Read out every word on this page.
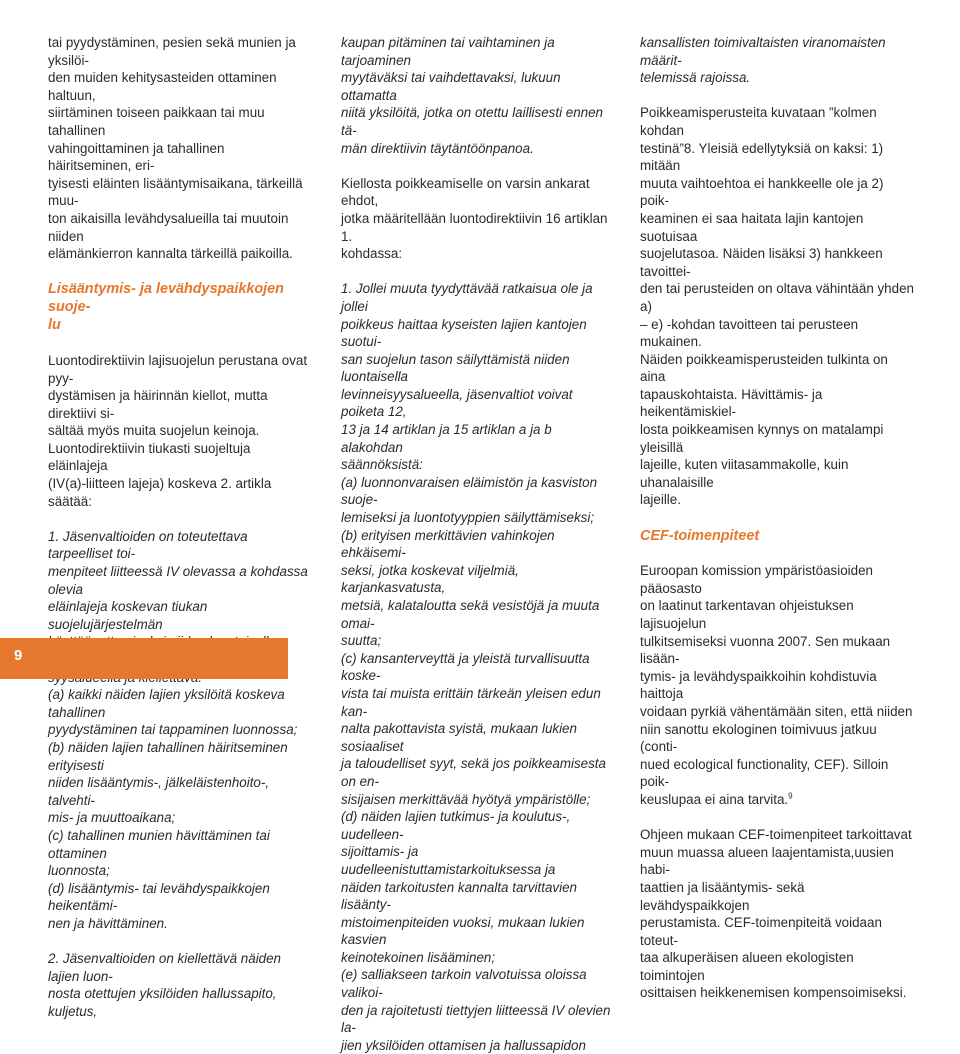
tai pyydystäminen, pesien sekä munien ja yksilöi-
den muiden kehitysasteiden ottaminen haltuun,
siirtäminen toiseen paikkaan tai muu tahallinen
vahingoittaminen ja tahallinen häiritseminen, eri-
tyisesti eläinten lisääntymisaikana, tärkeillä muu-
ton aikaisilla levähdysalueilla tai muutoin niiden
elämänkierron kannalta tärkeillä paikoilla.

Lisääntymis- ja levähdyspaikkojen suoje-
lu

Luontodirektiivin lajisuojelun perustana ovat pyy-
dystämisen ja häirinnän kiellot, mutta direktiivi si-
sältää myös muita suojelun keinoja.

Luontodirektiivin tiukasti suojeltuja eläinlajeja
(IV(a)-liitteen lajeja) koskeva 2. artikla säätää:

1. Jäsenvaltioiden on toteutettava tarpeelliset toi-
menpiteet liitteessä IV olevassa a kohdassa olevia
eläinlajeja koskevan tiukan suojelujärjestelmän

(a) kaikki näiden lajien yksilöitä koskeva tahallinen
pyydystäminen tai tappaminen luonnossa;
(b) näiden lajien tahallinen häiritseminen erityisesti
niiden lisääntymis-, jälkeläistenhoito-, talvehti-
mis- ja muuttoaikana;
(c) tahallinen munien hävittäminen tai ottaminen
luonnosta;
(d) lisääntymis- tai levähdyspaikkojen heikentämi-
nen ja hävittäminen.

2. Jäsenvaltioiden on kiellettävä näiden lajien luon-
nosta otettujen yksilöiden hallussapito, kuljetus,

kaupan pitäminen tai vaihtaminen ja tarjoaminen
myytäväksi tai vaihdettavaksi, lukuun ottamatta
niitä yksilöitä, jotka on otettu laillisesti ennen tä-
män direktiivin täytäntöönpanoa.

Kiellosta poikkeamiselle on varsin ankarat ehdot,
jotka määritellään luontodirektiivin 16 artiklan 1.
kohdassa:

1. Jollei muuta tyydyttävää ratkaisua ole ja jollei
poikkeus haittaa kyseisten lajien kantojen suotui-
san suojelun tason säilyttämistä niiden luontaisella
levinneisyysalueella, jäsenvaltiot voivat poiketa 12,
13 ja 14 artiklan ja 15 artiklan a ja b alakohdan
säännöksistä:
(a) luonnonvaraisen eläimistön ja kasviston suoje-
lemiseksi ja luontotyyppien säilyttämiseksi;
(b) erityisen merkittävien vahinkojen ehkäisemi-
seksi, jotka koskevat viljelmiä, karjankasvatusta,
metsiä, kalataloutta sekä vesistöjä ja muuta omai-
suutta;
(c) kansanterveyttä ja yleistä turvallisuutta koske-
vista tai muista erittäin tärkeän yleisen edun kan-
nalta pakottavista syistä, mukaan lukien sosiaaliset
ja taloudelliset syyt, sekä jos poikkeamisesta on en-
sisijaisen merkittävää hyötyä ympäristölle;
(d) näiden lajien tutkimus- ja koulutus-, uudelleen-
sijoittamis- ja uudelleenistuttamistarkoituksessa ja
näiden tarkoitusten kannalta tarvittavien lisäänty-
mistoimenpiteiden vuoksi, mukaan lukien kasvien
keinotekoinen lisääminen;
(e) salliakseen tarkoin valvotuissa oloissa valikoi-
den ja rajoitetusti tiettyjen liitteessä IV olevien la-
jien yksilöiden ottamisen ja hallussapidon

kansallisten toimivaltaisten viranomaisten määrit-
telemissä rajoissa.

Poikkeamisperusteita kuvataan ”kolmen kohdan
testinä”8. Yleisiä edellytyksiä on kaksi: 1) mitään
muuta vaihtoehtoa ei hankkeelle ole ja 2) poik-
keaminen ei saa haitata lajin kantojen suotuisaa
suojelutasoa. Näiden lisäksi 3) hankkeen tavoittei-
den tai perusteiden on oltava vähintään yhden a)
– e) -kohdan tavoitteen tai perusteen mukainen.
Näiden poikkeamisperusteiden tulkinta on aina
tapauskohtaista. Hävittämis- ja heikentämiskiel-
losta poikkeamisen kynnys on matalampi yleisillä
lajeille, kuten viitasammakolle, kuin uhanalaisille
lajeille.

CEF-toimenpiteet

Euroopan komission ympäristöasioiden pääosasto
on laatinut tarkentavan ohjeistuksen lajisuojelun
tulkitsemiseksi vuonna 2007. Sen mukaan lisään-
tymis- ja levähdyspaikkoihin kohdistuvia haittoja
voidaan pyrkiä vähentämään siten, että niiden
niin sanottu ekologinen toimivuus jatkuu (conti-
nued ecological functionality, CEF). Silloin poik-
keuslupaa ei aina tarvita.$^9$

Ohjeen mukaan CEF-toimenpiteet tarkoittavat
muun muassa alueen laajentamista,uusien habi-
taattien ja lisääntymis- sekä levähdyspaikkojen
perustamista. CEF-toimenpiteitä voidaan toteut-
taa alkuperäisen alueen ekologisten toimintojen
osittaisen heikkenemisen kompensoimiseksi.

9
